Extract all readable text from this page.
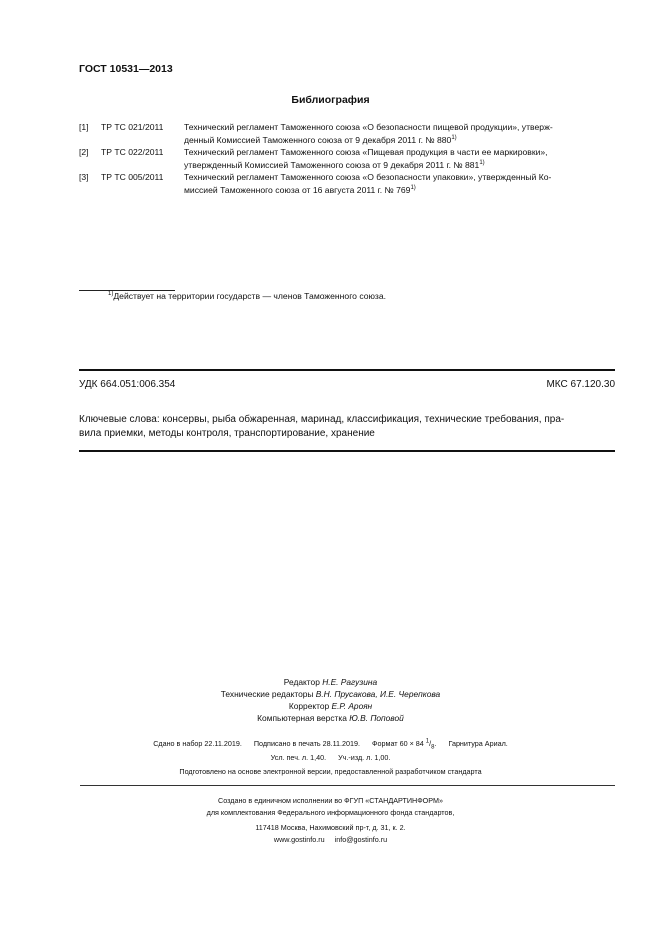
ГОСТ 10531—2013
Библиография
[1]	ТР ТС 021/2011	Технический регламент Таможенного союза «О безопасности пищевой продукции», утверж-
денный Комиссией Таможенного союза от 9 декабря 2011 г. № 880$^{1)}$
[2]	ТР ТС 022/2011	Технический регламент Таможенного союза «Пищевая продукция в части ее маркировки»,
утвержденный Комиссией Таможенного союза от 9 декабря 2011 г. № 881$^{1)}$
[3]	ТР ТС 005/2011	Технический регламент Таможенного союза «О безопасности упаковки», утвержденный Ко-
миссией Таможенного союза от 16 августа 2011 г. № 769$^{1)}$
$^{1)}$Действует на территории государств — членов Таможенного союза.
УДК 664.051:006.354	МКС 67.120.30
Ключевые слова: консервы, рыба обжаренная, маринад, классификация, технические требования, пра-
вила приемки, методы контроля, транспортирование, хранение
Редактор Н.Е. Рагузина
Технические редакторы В.Н. Прусакова, И.Е. Черепкова
Корректор Е.Р. Ароян
Компьютерная верстка Ю.В. Поповой
Сдано в набор 22.11.2019. Подписано в печать 28.11.2019. Формат 60 × 84 $^1/_8$. Гарнитура Ариал.
Усл. печ. л. 1,40. Уч.-изд. л. 1,00.
Подготовлено на основе электронной версии, предоставленной разработчиком стандарта
Создано в единичном исполнении во ФГУП «СТАНДАРТИНФОРМ»
для комплектования Федерального информационного фонда стандартов,
117418 Москва, Нахимовский пр-т, д. 31, к. 2.
www.gostinfo.ru info@gostinfo.ru
